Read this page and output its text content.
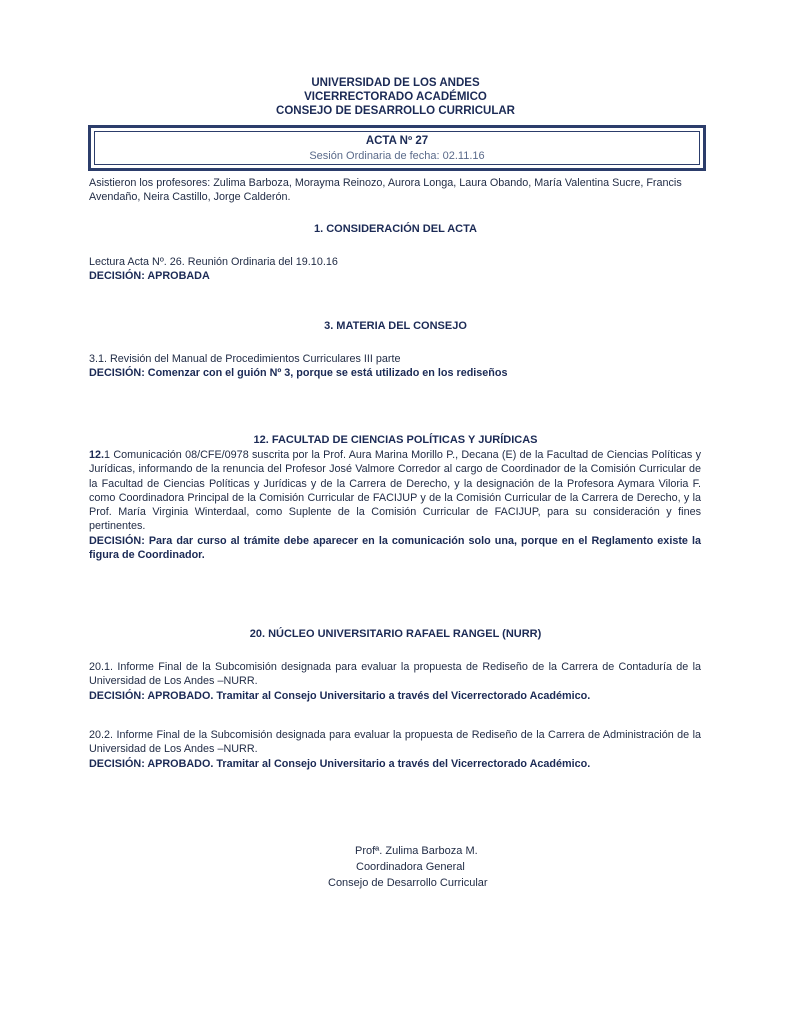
UNIVERSIDAD DE LOS ANDES
VICERRECTORADO ACADÉMICO
CONSEJO DE DESARROLLO CURRICULAR
ACTA Nº 27
Sesión Ordinaria de fecha: 02.11.16
Asistieron los profesores: Zulima Barboza, Morayma Reinozo, Aurora Longa, Laura Obando, María Valentina Sucre, Francis Avendaño, Neira Castillo, Jorge Calderón.
1. CONSIDERACIÓN DEL ACTA
Lectura Acta Nº. 26. Reunión Ordinaria del 19.10.16
DECISIÓN: APROBADA
3. MATERIA DEL CONSEJO
3.1. Revisión del Manual de Procedimientos Curriculares III parte
DECISIÓN: Comenzar con el guión Nº 3, porque se está utilizado en los rediseños
12. FACULTAD DE CIENCIAS POLÍTICAS Y JURÍDICAS
12.1 Comunicación 08/CFE/0978 suscrita por la Prof. Aura Marina Morillo P., Decana (E) de la Facultad de Ciencias Políticas y Jurídicas, informando de la renuncia del Profesor José Valmore Corredor al cargo de Coordinador de la Comisión Curricular de la Facultad de Ciencias Políticas y Jurídicas y de la Carrera de Derecho, y la designación de la Profesora Aymara Viloria F. como Coordinadora Principal de la Comisión Curricular de FACIJUP y de la Comisión Curricular de la Carrera de Derecho, y la Prof. María Virginia Winterdaal, como Suplente de la Comisión Curricular de FACIJUP, para su consideración y fines pertinentes.
DECISIÓN: Para dar curso al trámite debe aparecer en la comunicación solo una, porque en el Reglamento existe la figura de Coordinador.
20. NÚCLEO UNIVERSITARIO RAFAEL RANGEL (NURR)
20.1. Informe Final de la Subcomisión designada para evaluar la propuesta de Rediseño de la Carrera de Contaduría de la Universidad de Los Andes –NURR.
DECISIÓN: APROBADO. Tramitar al Consejo Universitario a través del Vicerrectorado Académico.
20.2. Informe Final de la Subcomisión designada para evaluar la propuesta de Rediseño de la Carrera de Administración de la Universidad de Los Andes –NURR.
DECISIÓN: APROBADO. Tramitar al Consejo Universitario a través del Vicerrectorado Académico.
Profª. Zulima Barboza M.
Coordinadora General
Consejo de Desarrollo Curricular
